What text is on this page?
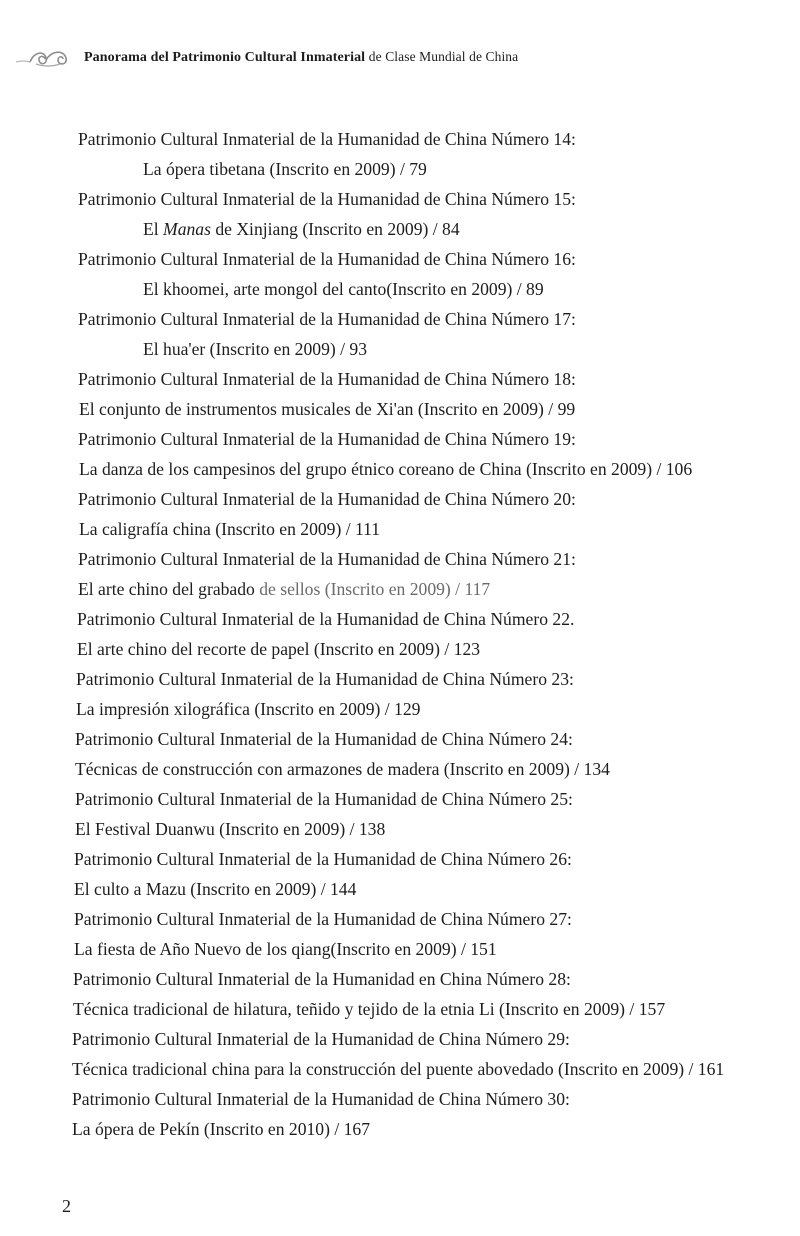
Panorama del Patrimonio Cultural Inmaterial de Clase Mundial de China
Patrimonio Cultural Inmaterial de la Humanidad de China Número 14:
La ópera tibetana (Inscrito en 2009) / 79
Patrimonio Cultural Inmaterial de la Humanidad de China Número 15:
El Manas de Xinjiang (Inscrito en 2009) / 84
Patrimonio Cultural Inmaterial de la Humanidad de China Número 16:
El khoomei, arte mongol del canto(Inscrito en 2009) / 89
Patrimonio Cultural Inmaterial de la Humanidad de China Número 17:
El hua'er (Inscrito en 2009) / 93
Patrimonio Cultural Inmaterial de la Humanidad de China Número 18:
El conjunto de instrumentos musicales de Xi'an (Inscrito en 2009) / 99
Patrimonio Cultural Inmaterial de la Humanidad de China Número 19:
La danza de los campesinos del grupo étnico coreano de China (Inscrito en 2009) / 106
Patrimonio Cultural Inmaterial de la Humanidad de China Número 20:
La caligrafía china (Inscrito en 2009) / 111
Patrimonio Cultural Inmaterial de la Humanidad de China Número 21:
El arte chino del grabado de sellos (Inscrito en 2009) / 117
Patrimonio Cultural Inmaterial de la Humanidad de China Número 22.
El arte chino del recorte de papel (Inscrito en 2009) / 123
Patrimonio Cultural Inmaterial de la Humanidad de China Número 23:
La impresión xilográfica (Inscrito en 2009) / 129
Patrimonio Cultural Inmaterial de la Humanidad de China Número 24:
Técnicas de construcción con armazones de madera (Inscrito en 2009) / 134
Patrimonio Cultural Inmaterial de la Humanidad de China Número 25:
El Festival Duanwu (Inscrito en 2009) / 138
Patrimonio Cultural Inmaterial de la Humanidad de China Número 26:
El culto a Mazu (Inscrito en 2009) / 144
Patrimonio Cultural Inmaterial de la Humanidad de China Número 27:
La fiesta de Año Nuevo de los qiang(Inscrito en 2009) / 151
Patrimonio Cultural Inmaterial de la Humanidad en China Número 28:
Técnica tradicional de hilatura, teñido y tejido de la etnia Li (Inscrito en 2009) / 157
Patrimonio Cultural Inmaterial de la Humanidad de China Número 29:
Técnica tradicional china para la construcción del puente abovedado (Inscrito en 2009) / 161
Patrimonio Cultural Inmaterial de la Humanidad de China Número 30:
La ópera de Pekín (Inscrito en 2010) / 167
2
